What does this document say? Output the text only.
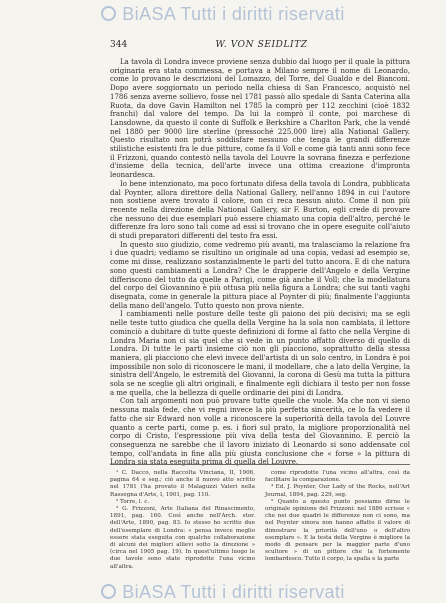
BiASA Tutti i diritti riservati
344	W. VON SEIDLITZ

La tavola di Londra invece proviene senza dubbio dal luogo per il quale la pittura originaria era stata commessa, e portava a Milano sempre il nome di Leonardo, come lo provano le descrizioni del Lomazzo, del Torre, del Gualdo e del Bianconi. Dopo avere soggiornato un periodo nella chiesa di San Francesco, acquistò nel 1786 senza averne sollievo, fosse nel 1781 passò allo spedale di Santa Caterina alla Ruota, da dove Gavin Hamilton nel 1785 la comprò per 112 zecchini (cioè 1832 franchi) dal valore del tempo. Da lui la comprò il conte, poi marchese di Lansdowne, da questo il conte di Suffolk e Berkshire a Charlton Park, che la vendé nel 1880 per 9000 lire sterline (pressoché 225.000 lire) alla National Gallery. Questo risultato non potrà soddisfare nessuno che tenga le grandi differenze stilistiche esistenti fra le due pitture, come fa il Voll e come già tanti anni sono fece il Frizzoni, quando contestò nella tavola del Louvre la sovrana finezza e perfezione d'insieme della tecnica, dell'arte invece una ottima creazione d'impronta leonardesca.

Io bene intenzionato, ma poco fortunato difesa della tavola di Londra, pubblicata dal Poynter, allora direttore della National Gallery, nell'anno 1894 in cui l'autore non sostiene avere trovato il colore, non ci reca nessun aiuto. Come il non più recente nella direzione della National Gallery, sir F. Burton, egli crede di provare che nessuno dei due esemplari può essere chiamato una copia dell'altro, perché le differenze fra loro sono tali come ad essi si trovano che in opere eseguite coll'aiuto di studi preparatori differenti del testo fra essi.

In questo suo giudizio, come vedremo più avanti, ma tralasciamo la relazione fra i due quadri; vediamo se risultino un originale ad una copia, vedasi ad esempio se, come mi disse, realizzano sostanzialmente le parti del tutto ancora. E di che natura sono questi cambiamenti a Londra? Che le drapperie dell'Angelo e della Vergine differiscono del tutto da quelle a Parigi, come già anche il Voll; che la modellatura del corpo del Giovannino è più ottusa più nella figura a Londra; che sui tanti vaghi disegnata, come in generale la pittura piace al Poynter di più; finalmente l'aggiunta della mano dell'angelo. Tutto questo non prova niente.

I cambiamenti nelle posture delle teste gli paiono dei più decisivi; ma se egli nelle teste tutto giudica che quella della Vergine ha la sola non cambiata, il lettore cominciò a dubitare di tutte queste definizioni di forme al fatto che nella Vergine di Londra Maria non ci sia quel che si vede in un punto affatto diverso di quello di Londra. Di tutte le parti insieme ciò non gli piacciono, soprattutto della stessa maniera, gli piacciono che elevi invece dell'artista di un solo centro, in Londra è poi impossibile non solo di riconoscere le mani, il modellare, che a lato della Vergine, la sinistra dell'Angelo, le estremità del Giovanni, la corona di Gesù ma tutta la pittura sola se ne sceglie gli altri originali, e finalmente egli dichiara il testo per non fosse a me quella, che la bellezza di quelle ordinarie dei pini di Londra.

Con tali argomenti non può provare tutte quelle che vuole. Ma che non vi sieno nessuna mala fede, che vi regni invece la più perfetta sincerità, ce lo fa vedere il fatto che sir Edward non volle a riconoscere la superiorità della tavola del Louvre quanto a certe parti, come p. es. i fiori sul prato, la migliore proporzionalità nel corpo di Cristo, l'espressione più viva della testa del Giovannino. E perciò la conseguenza ne sarebbe che il lavoro iniziato di Leonardo si sono addensate col tempo, coll'andata in fine alla più giusta conclusione che « forse » la pittura di Londra sia stata eseguita prima di quella del Louvre.

¹ C. Dacco, nella Raccolta Vinciana, II, 1906, pagina 64 e seg.; ciò anche il nuovo atto scritto nel 1781 l'ha provato il Malaguzzi Valeri nella Rassegna d'Arte, I, 1901, pag. 110.

² Torre, l. c.

³ G. Frizzoni, Arte Italiana del Rinascimento, 1891, pag. 160. Così anche nell'Arch. stor. dell'Arte, 1890, pag. 83. Io stesso ho scritto due dell'esemplare di Londra: « pensa invece meglio essere stata eseguita con qualche collaborazione di alcuni dei migliori allievi sotto la direzione » (circa nel 1905 pag. 19). In quest'ultimo luogo le due tavole sono state riprodotte l'una vicino all'altra.

come riprodotte l'una vicino all'altra, così da facilitare la comparazione.

⁴ Ed. J. Poynter, Our Lady of the Rocks, nell'Art Journal, 1894, pag. 229, seg.

⁵ Quanto a questo punto possiamo dirne le originale opinione del Frizzoni: nel 1886 scrisse « che nei due quadri le differenze non ci sono, ma nel Poynter sinora non hanno affatto il valore di dimostrare la priorità dell'uno o dell'altro esemplare ». E la testa della Vergine è migliore la modo di pensare per la maggior parte d'uno scultore » di un pittore che la fortemente lombardesco. Tutto il corpo, la spalla e la parte

BiASA Tutti i diritti riservati
